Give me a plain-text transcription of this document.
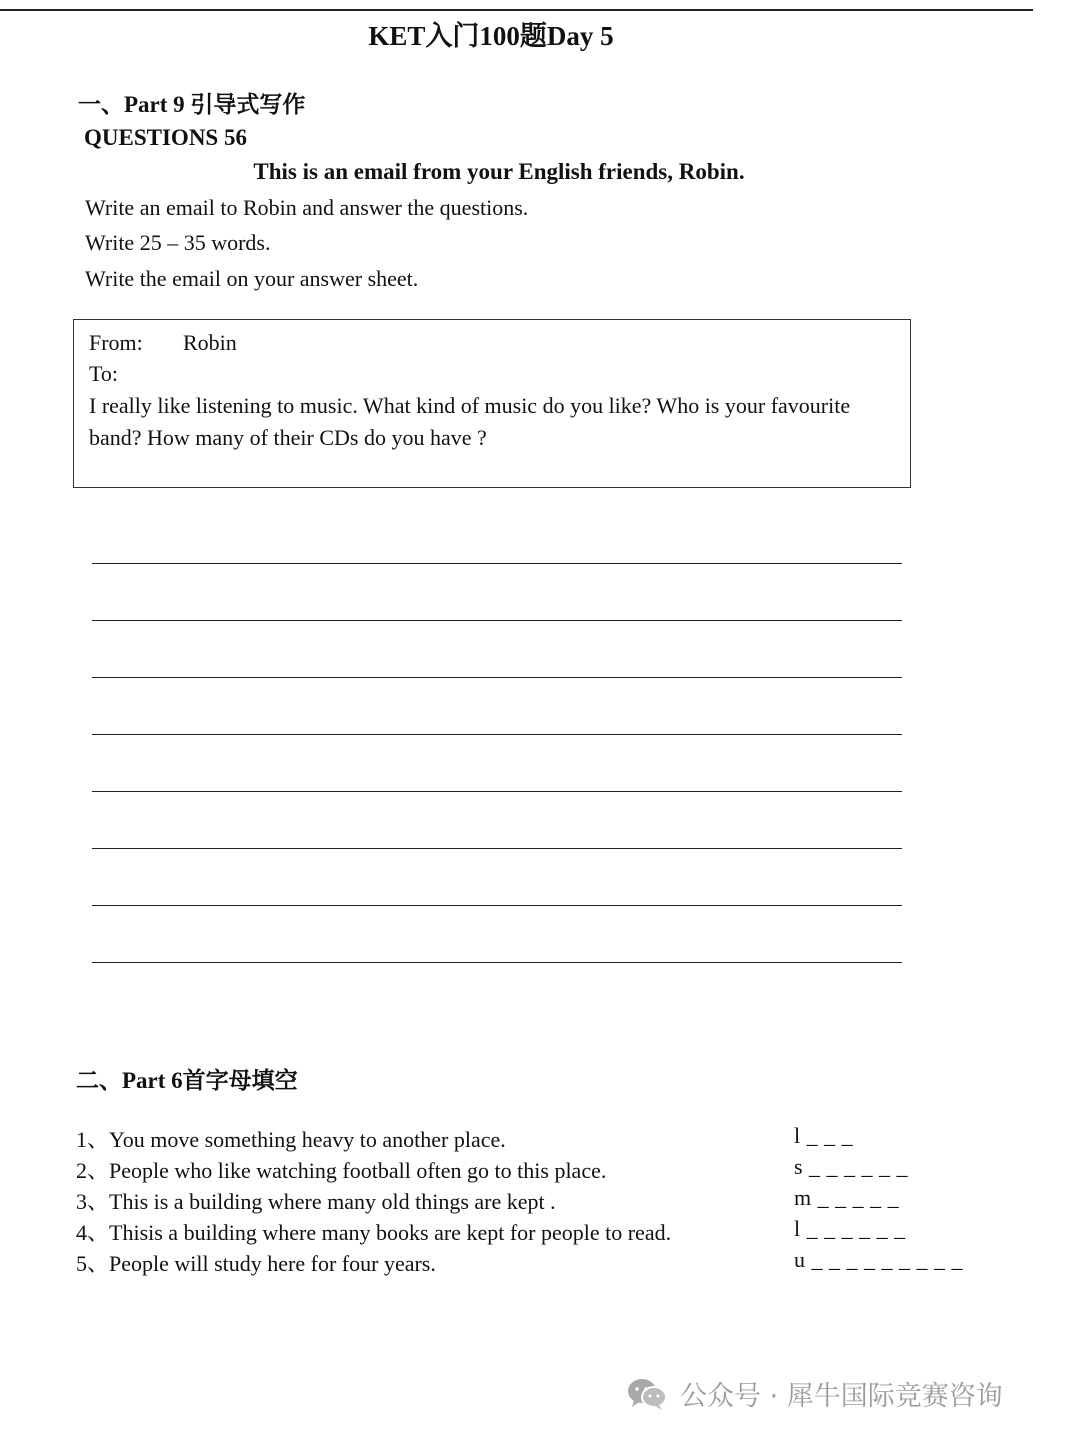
KET入门100题Day 5
一、Part 9 引导式写作
QUESTIONS 56
This is an email from your English friends, Robin.
Write an email to Robin and answer the questions.
Write 25 – 35 words.
Write the email on your answer sheet.
From: Robin
To:
I really like listening to music. What kind of music do you like? Who is your favourite band? How many of their CDs do you have ?
二、Part 6首字母填空
1、You move something heavy to another place.	l _ _ _
2、People who like watching football often go to this place.	s _ _ _ _ _ _
3、This is a building where many old things are kept .	m _ _ _ _ _
4、Thisis a building where many books are kept for people to read.	l _ _ _ _ _ _
5、People will study here for four years.	u _ _ _ _ _ _ _ _ _
公众号 · 犀牛国际竞赛咨询
